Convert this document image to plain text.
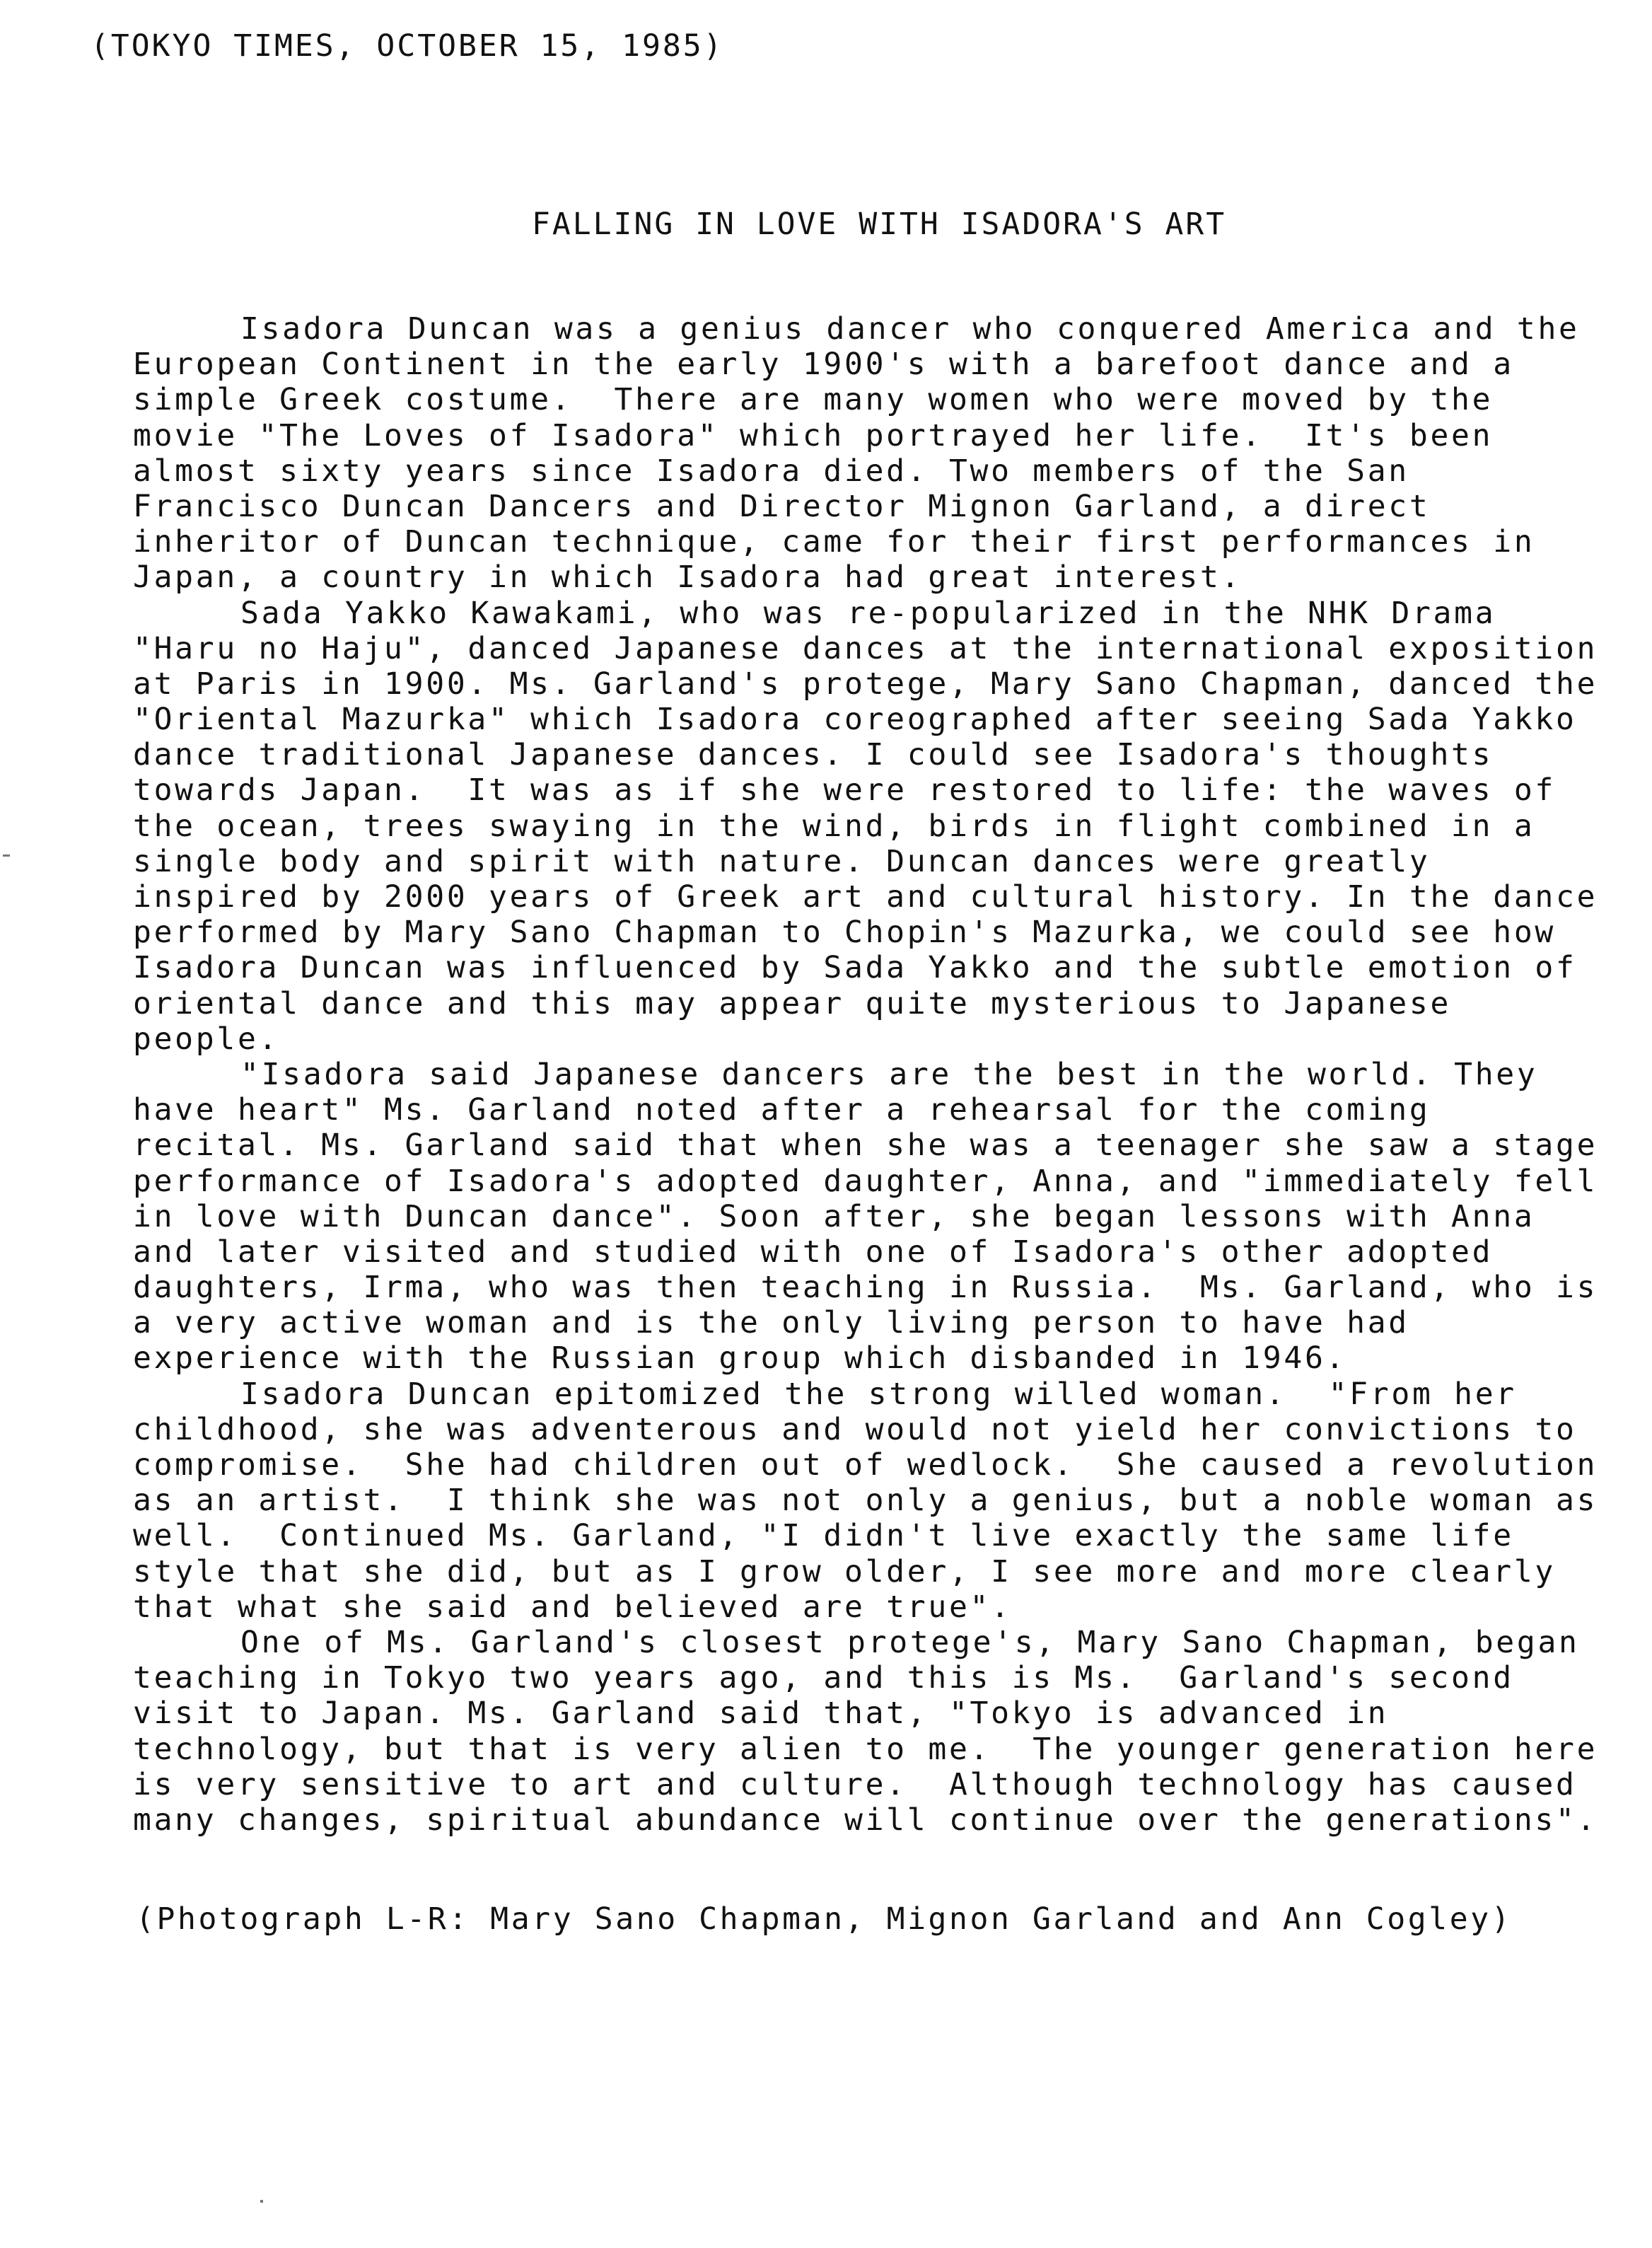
(TOKYO TIMES, OCTOBER 15, 1985)

FALLING IN LOVE WITH ISADORA'S ART
Isadora Duncan was a genius dancer who conquered America and the
European Continent in the early 1900's with a barefoot dance and a
simple Greek costume.  There are many women who were moved by the
movie "The Loves of Isadora" which portrayed her life.  It's been
almost sixty years since Isadora died. Two members of the San
Francisco Duncan Dancers and Director Mignon Garland, a direct
inheritor of Duncan technique, came for their first performances in
Japan, a country in which Isadora had great interest.
Sada Yakko Kawakami, who was re-popularized in the NHK Drama
"Haru no Haju", danced Japanese dances at the international exposition
at Paris in 1900. Ms. Garland's protege, Mary Sano Chapman, danced the
"Oriental Mazurka" which Isadora coreographed after seeing Sada Yakko
dance traditional Japanese dances. I could see Isadora's thoughts
towards Japan.  It was as if she were restored to life: the waves of
the ocean, trees swaying in the wind, birds in flight combined in a
single body and spirit with nature. Duncan dances were greatly
inspired by 2000 years of Greek art and cultural history. In the dance
performed by Mary Sano Chapman to Chopin's Mazurka, we could see how
Isadora Duncan was influenced by Sada Yakko and the subtle emotion of
oriental dance and this may appear quite mysterious to Japanese
people.
"Isadora said Japanese dancers are the best in the world. They
have heart" Ms. Garland noted after a rehearsal for the coming
recital. Ms. Garland said that when she was a teenager she saw a stage
performance of Isadora's adopted daughter, Anna, and "immediately fell
in love with Duncan dance". Soon after, she began lessons with Anna
and later visited and studied with one of Isadora's other adopted
daughters, Irma, who was then teaching in Russia.  Ms. Garland, who is
a very active woman and is the only living person to have had
experience with the Russian group which disbanded in 1946.
Isadora Duncan epitomized the strong willed woman.  "From her
childhood, she was adventerous and would not yield her convictions to
compromise.  She had children out of wedlock.  She caused a revolution
as an artist.  I think she was not only a genius, but a noble woman as
well.  Continued Ms. Garland, "I didn't live exactly the same life
style that she did, but as I grow older, I see more and more clearly
that what she said and believed are true".
One of Ms. Garland's closest protege's, Mary Sano Chapman, began
teaching in Tokyo two years ago, and this is Ms.  Garland's second
visit to Japan. Ms. Garland said that, "Tokyo is advanced in
technology, but that is very alien to me.  The younger generation here
is very sensitive to art and culture.  Although technology has caused
many changes, spiritual abundance will continue over the generations".

(Photograph L-R: Mary Sano Chapman, Mignon Garland and Ann Cogley)
